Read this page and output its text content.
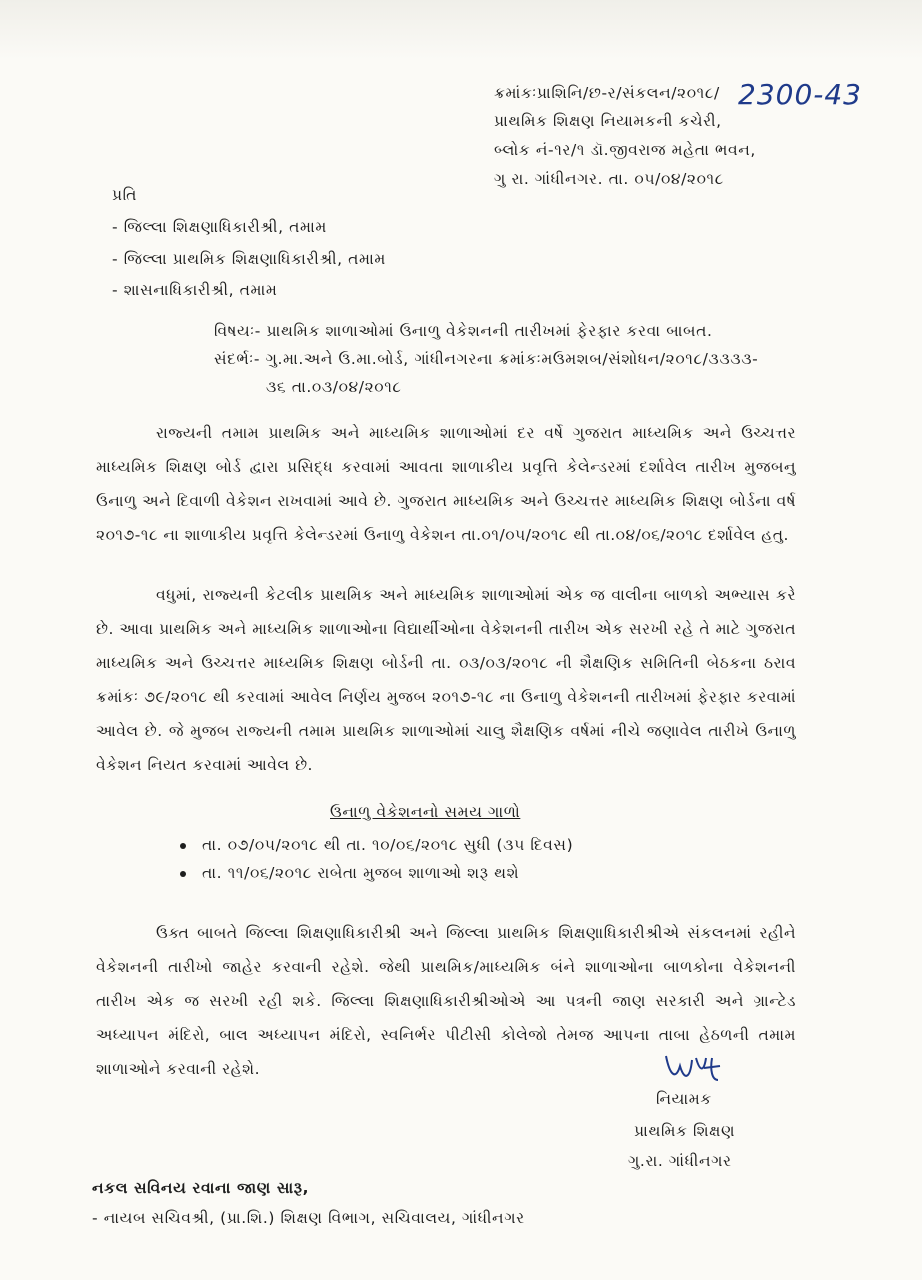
ક્રમાંકઃપ્રાશિનિ/છ-ર/સંકલન/૨૦૧૮/ 2300-43
પ્રાથમિક શિક્ષણ નિયામકની કચેરી,
બ્લોક નં-૧ર/૧ ડૉ.જીવરાજ મહેતા ભવન,
ગુ રા. ગાંધીનગર. તા. ૦૫/૦૪/૨૦૧૮
પ્રતિ
- જિલ્લા શિક્ષણાધિકારીશ્રી, તમામ
- જિલ્લા પ્રાથમિક શિક્ષણાધિકારીશ્રી, તમામ
- શાસનાધિકારીશ્રી, તમામ
વિષયઃ- પ્રાથમિક શાળાઓમાં ઉનાળુ વેકેશનની તારીખમાં ફેરફાર કરવા બાબત.
સંદર્ભઃ- ગુ.મા.અને ઉ.મા.બોર્ડ, ગાંધીનગરના ક્રમાંકઃમઉમશબ/સંશોધન/૨૦૧૮/૩૩૩૩-
૩૬ તા.૦૩/૦૪/૨૦૧૮

રાજ્યની તમામ પ્રાથમિક અને માધ્યમિક શાળાઓમાં દર વર્ષે ગુજરાત માધ્યમિક અને ઉચ્ચત્તર માધ્યમિક શિક્ષણ બોર્ડ દ્વારા પ્રસિદ્ધ કરવામાં આવતા શાળાકીય પ્રવૃત્તિ કેલેન્ડરમાં દર્શાવેલ તારીખ મુજબનુ ઉનાળુ અને દિવાળી વેકેશન રાખવામાં આવે છે. ગુજરાત માધ્યમિક અને ઉચ્ચત્તર માધ્યમિક શિક્ષણ બોર્ડના વર્ષ ૨૦૧૭-૧૮ ના શાળાકીય પ્રવૃત્તિ કેલેન્ડરમાં ઉનાળુ વેકેશન તા.૦૧/૦૫/૨૦૧૮ થી તા.૦૪/૦૬/૨૦૧૮ દર્શાવેલ હતુ.

વધુમાં, રાજ્યની કેટલીક પ્રાથમિક અને માધ્યમિક શાળાઓમાં એક જ વાલીના બાળકો અભ્યાસ કરે છે. આવા પ્રાથમિક અને માધ્યમિક શાળાઓના વિદ્યાર્થીઓના વેકેશનની તારીખ એક સરખી રહે તે માટે ગુજરાત માધ્યમિક અને ઉચ્ચત્તર માધ્યમિક શિક્ષણ બોર્ડની તા. ૦૩/૦૩/૨૦૧૮ ની શૈક્ષણિક સમિતિની બેઠકના ઠરાવ ક્રમાંકઃ ૭૯/૨૦૧૮ થી કરવામાં આવેલ નિર્ણય મુજબ ૨૦૧૭-૧૮ ના ઉનાળુ વેકેશનની તારીખમાં ફેરફાર કરવામાં આવેલ છે. જે મુજબ રાજ્યની તમામ પ્રાથમિક શાળાઓમાં ચાલુ શૈક્ષણિક વર્ષમાં નીચે જણાવેલ તારીખે ઉનાળુ વેકેશન નિયત કરવામાં આવેલ છે.

ઉનાળુ વેકેશનનો સમય ગાળો
તા. ૦૭/૦૫/૨૦૧૮ થી તા. ૧૦/૦૬/૨૦૧૮ સુધી (૩૫ દિવસ)
તા. ૧૧/૦૬/૨૦૧૮ રાબેતા મુજબ શાળાઓ શરૂ થશે

ઉક્ત બાબતે જિલ્લા શિક્ષણાધિકારીશ્રી અને જિલ્લા પ્રાથમિક શિક્ષણાધિકારીશ્રીએ સંકલનમાં રહીને વેકેશનની તારીખો જાહેર કરવાની રહેશે. જેથી પ્રાથમિક/માધ્યમિક બંને શાળાઓના બાળકોના વેકેશનની તારીખ એક જ સરખી રહી શકે. જિલ્લા શિક્ષણાધિકારીશ્રીઓએ આ પત્રની જાણ સરકારી અને ગ્રાન્ટેડ અધ્યાપન મંદિરો, બાલ અધ્યાપન મંદિરો, સ્વનિર્ભર પીટીસી કોલેજો તેમજ આપના તાબા હેઠળની તમામ શાળાઓને કરવાની રહેશે.

નિયામક
પ્રાથમિક શિક્ષણ
ગુ.રા. ગાંધીનગર
નકલ સવિનય રવાના જાણ સારૂ,
- નાયબ સચિવશ્રી, (પ્રા.શિ.) શિક્ષણ વિભાગ, સચિવાલય, ગાંધીનગર
